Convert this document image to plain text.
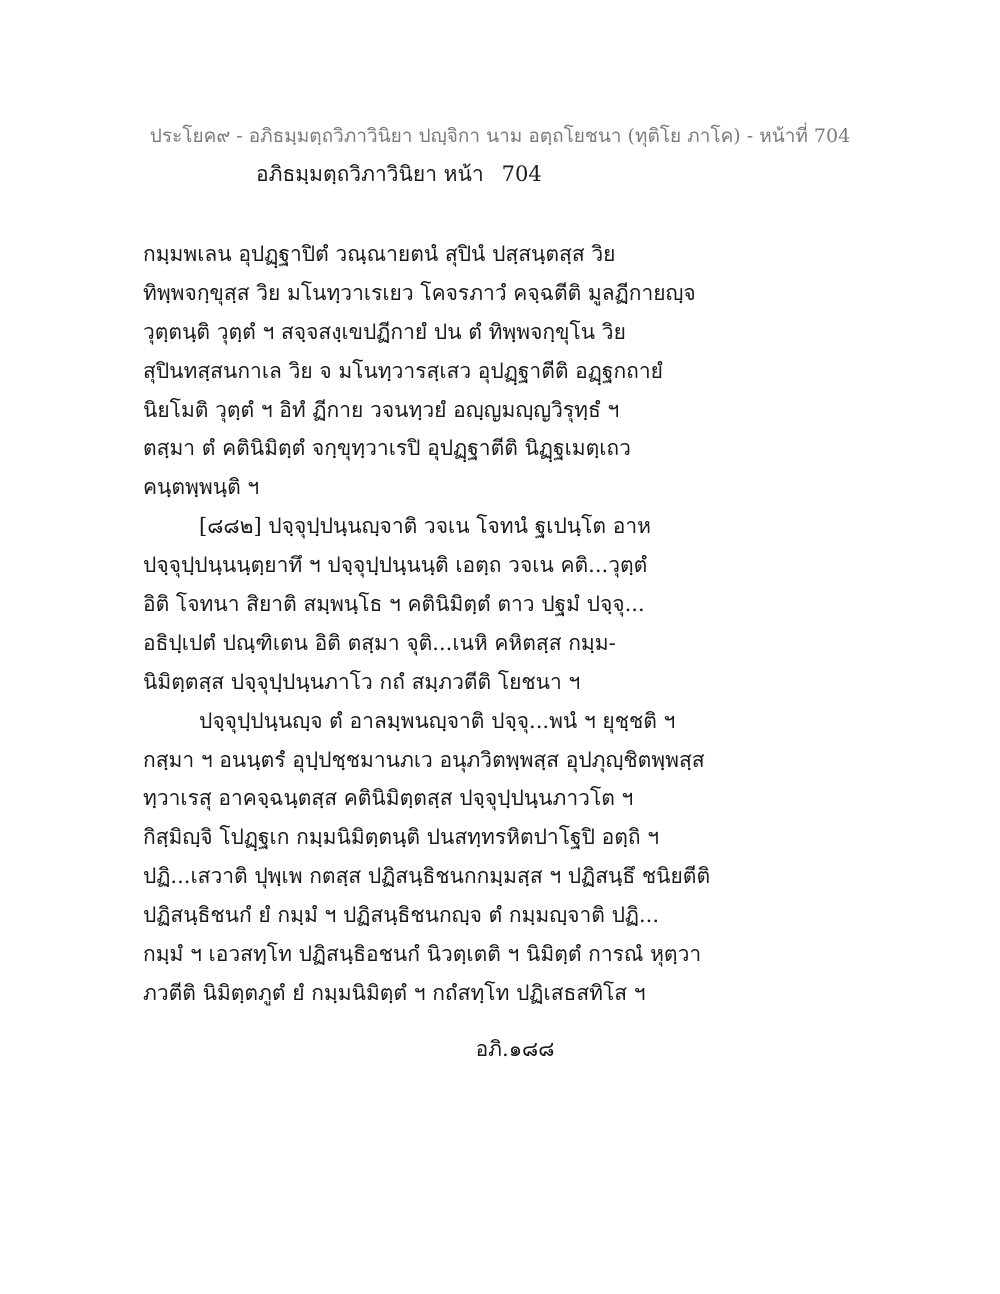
ประโยค๙ - อภิธมฺมตฺถวิภาวินิยา ปญฺจิกา นาม อตฺถโยชนา (ทุติโย ภาโค) - หน้าที่ 704
อภิธมฺมตฺถวิภาวินิยา หน้า 704
กมฺมพเลน อุปฏฺฐาปิตํ วณฺณายตนํ สุปินํ ปสฺสนฺตสฺส วิย
ทิพฺพจกฺขุสฺส วิย มโนทฺวาเรเยว โคจรภาวํ คจฺฉตีติ มูลฏีกายญฺจ
วุตฺตนฺติ วุตฺตํ ฯ สจฺจสงฺเขปฏีกายํ ปน ตํ ทิพฺพจกฺขุโน วิย
สุปินทสฺสนกาเล วิย จ มโนทฺวารสฺเสว อุปฏฺฐาตีติ อฏฺฐกถายํ
นิยโมติ วุตฺตํ ฯ อิทํ ฏีกาย วจนทฺวยํ อญฺญมญฺญวิรุทฺธํ ฯ
ตสฺมา ตํ คตินิมิตฺตํ จกฺขุทฺวาเรปิ อุปฏฺฐาตีติ นิฏฺฐเมตฺเถว
คนฺตพฺพนฺติ ฯ
[๘๘๒] ปจฺจุปฺปนฺนญฺจาติ วจเน โจทนํ ฐเปนฺโต อาห
ปจฺจุปฺปนฺนนฺตฺยาทึ ฯ ปจฺจุปฺปนฺนนฺติ เอตฺถ วจเน คติ...วุตฺตํ
อิติ โจทนา สิยาติ สมฺพนฺโธ ฯ คตินิมิตฺตํ ตาว ปฐมํ ปจฺจุ...
อธิปฺเปตํ ปณฺฑิเตน อิติ ตสฺมา จุติ...เนหิ คหิตสฺส กมฺม-
นิมิตฺตสฺส ปจฺจุปฺปนฺนภาโว กถํ สมฺภวตีติ โยชนา ฯ
ปจฺจุปฺปนฺนญฺจ ตํ อาลมฺพนญฺจาติ ปจฺจุ...พนํ ฯ ยุชฺชติ ฯ
กสฺมา ฯ อนนฺตรํ อุปฺปชฺชมานภเว อนุภวิตพฺพสฺส อุปภุญฺชิตพฺพสฺส
ทฺวาเรสุ อาคจฺฉนฺตสฺส คตินิมิตฺตสฺส ปจฺจุปฺปนฺนภาวโต ฯ
กิสฺมิญฺจิ โปฏฺฐเก กมฺมนิมิตฺตนฺติ ปนสทฺทรหิตปาโฐปิ อตฺถิ ฯ
ปฏิ...เสวาติ ปุพฺเพ กตสฺส ปฏิสนฺธิชนกกมฺมสฺส ฯ ปฏิสนฺธึ ชนิยตีติ
ปฏิสนฺธิชนกํ ยํ กมฺมํ ฯ ปฏิสนฺธิชนกญฺจ ตํ กมฺมญฺจาติ ปฏิ...
กมฺมํ ฯ เอวสทฺโท ปฏิสนฺธิอชนกํ นิวตฺเตติ ฯ นิมิตฺตํ การณํ หุตฺวา
ภวตีติ นิมิตฺตภูตํ ยํ กมฺมนิมิตฺตํ ฯ กถํสทฺโท ปฏิเสธสทิโส ฯ
อภิ.๑๘๘
